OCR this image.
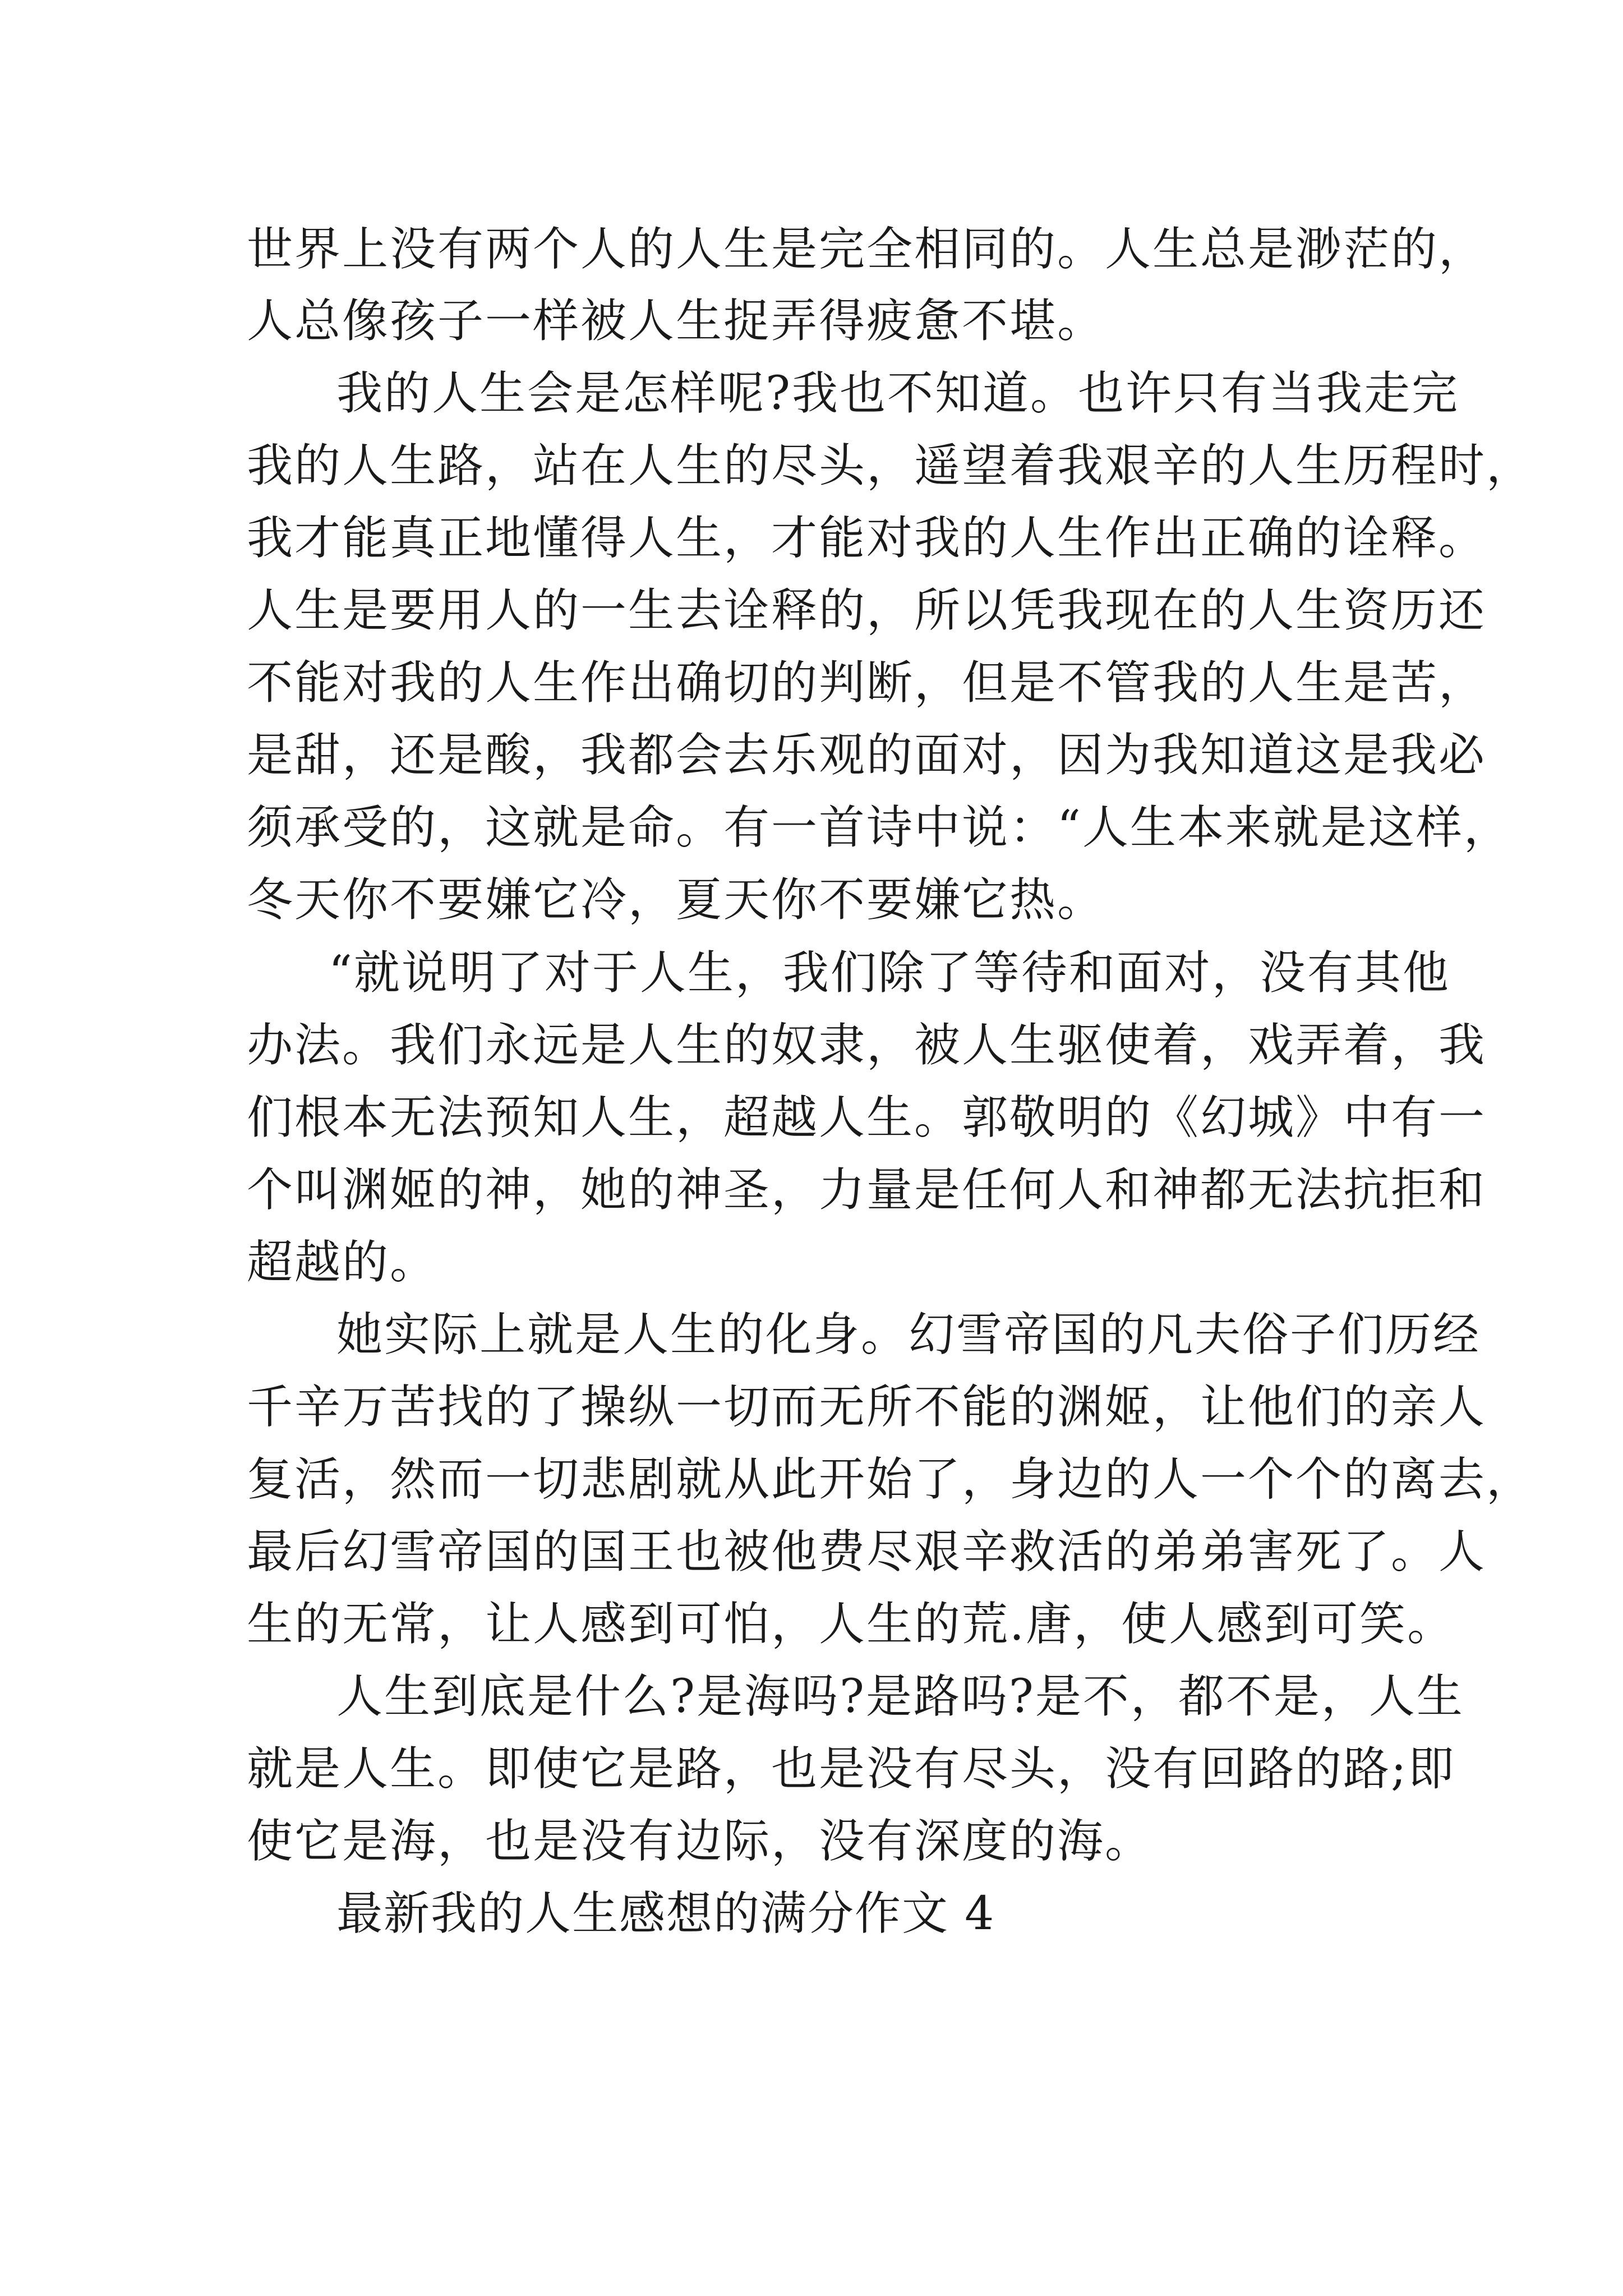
世界上没有两个人的人生是完全相同的。人生总是渺茫的，

人总像孩子一样被人生捉弄得疲惫不堪。

我的人生会是怎样呢?我也不知道。也许只有当我走完

我的人生路，站在人生的尽头，遥望着我艰辛的人生历程时，

我才能真正地懂得人生，才能对我的人生作出正确的诠释。

人生是要用人的一生去诠释的，所以凭我现在的人生资历还

不能对我的人生作出确切的判断，但是不管我的人生是苦，

是甜，还是酸，我都会去乐观的面对，因为我知道这是我必

须承受的，这就是命。有一首诗中说：“人生本来就是这样，

冬天你不要嫌它冷，夏天你不要嫌它热。

“就说明了对于人生，我们除了等待和面对，没有其他

办法。我们永远是人生的奴隶，被人生驱使着，戏弄着，我

们根本无法预知人生，超越人生。郭敬明的《幻城》中有一

个叫渊姬的神，她的神圣，力量是任何人和神都无法抗拒和

超越的。

她实际上就是人生的化身。幻雪帝国的凡夫俗子们历经

千辛万苦找的了操纵一切而无所不能的渊姬，让他们的亲人

复活，然而一切悲剧就从此开始了，身边的人一个个的离去，

最后幻雪帝国的国王也被他费尽艰辛救活的弟弟害死了。人

生的无常，让人感到可怕，人生的荒.唐，使人感到可笑。

人生到底是什么?是海吗?是路吗?是不，都不是，人生

就是人生。即使它是路，也是没有尽头，没有回路的路;即

使它是海，也是没有边际，没有深度的海。

最新我的人生感想的满分作文 4
